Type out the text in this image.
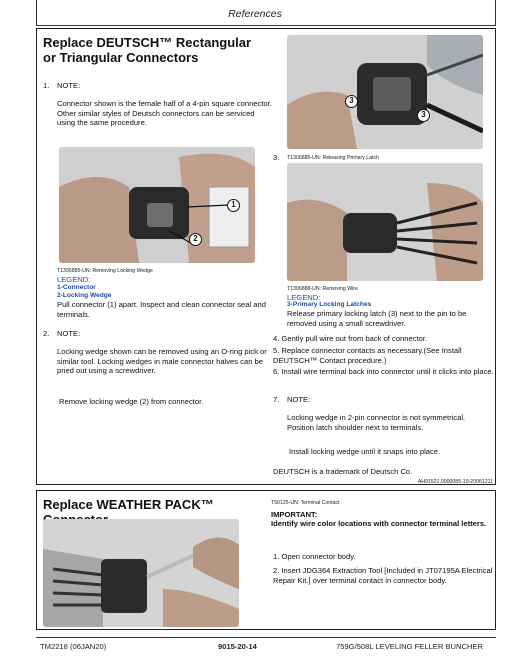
References
Replace DEUTSCH™ Rectangular or Triangular Connectors
1. NOTE:
Connector shown is the female half of a 4-pin square connector. Other similar styles of Deutsch connectors can be serviced using the same procedure.
1
2
T1306885-UN: Removing Locking Wedge
LEGEND:
1-Connector
2-Locking Wedge
Pull connector (1) apart. Inspect and clean connector seal and terminals.
2. NOTE:
Locking wedge shown can be removed using an O-ring pick or similar tool. Locking wedges in male connector halves can be pried out using a screwdriver.
Remove locking wedge (2) from connector.
3
3
3. T1306886-UN: Releasing Primary Latch
T1306888-UN: Removing Wire
LEGEND:
3-Primary Locking Latches
Release primary locking latch (3) next to the pin to be removed using a small screwdriver.
4. Gently pull wire out from back of connector.
5. Replace connector contacts as necessary.(See Install DEUTSCH™ Contact procedure.)
6. Install wire terminal back into connector until it clicks into place.
7. NOTE:
Locking wedge in 2-pin connector is not symmetrical. Position latch shoulder next to terminals.
Install locking wedge until it snaps into place.
DEUTSCH is a trademark of Deutsch Co.
AH91521,0000085-19-20061211
Replace WEATHER PACK™	T50125-UN: Terminal Contact
IMPORTANT:
Identify wire color locations with connector terminal letters.
1. Open connector body.
2. Insert JDG364 Extraction Tool [Included in JT07195A Electrical Repair Kit.] over terminal contact in connector body.
TM2218 (06JAN20)	9015-20-14	759G/508L LEVELING FELLER BUNCHER
